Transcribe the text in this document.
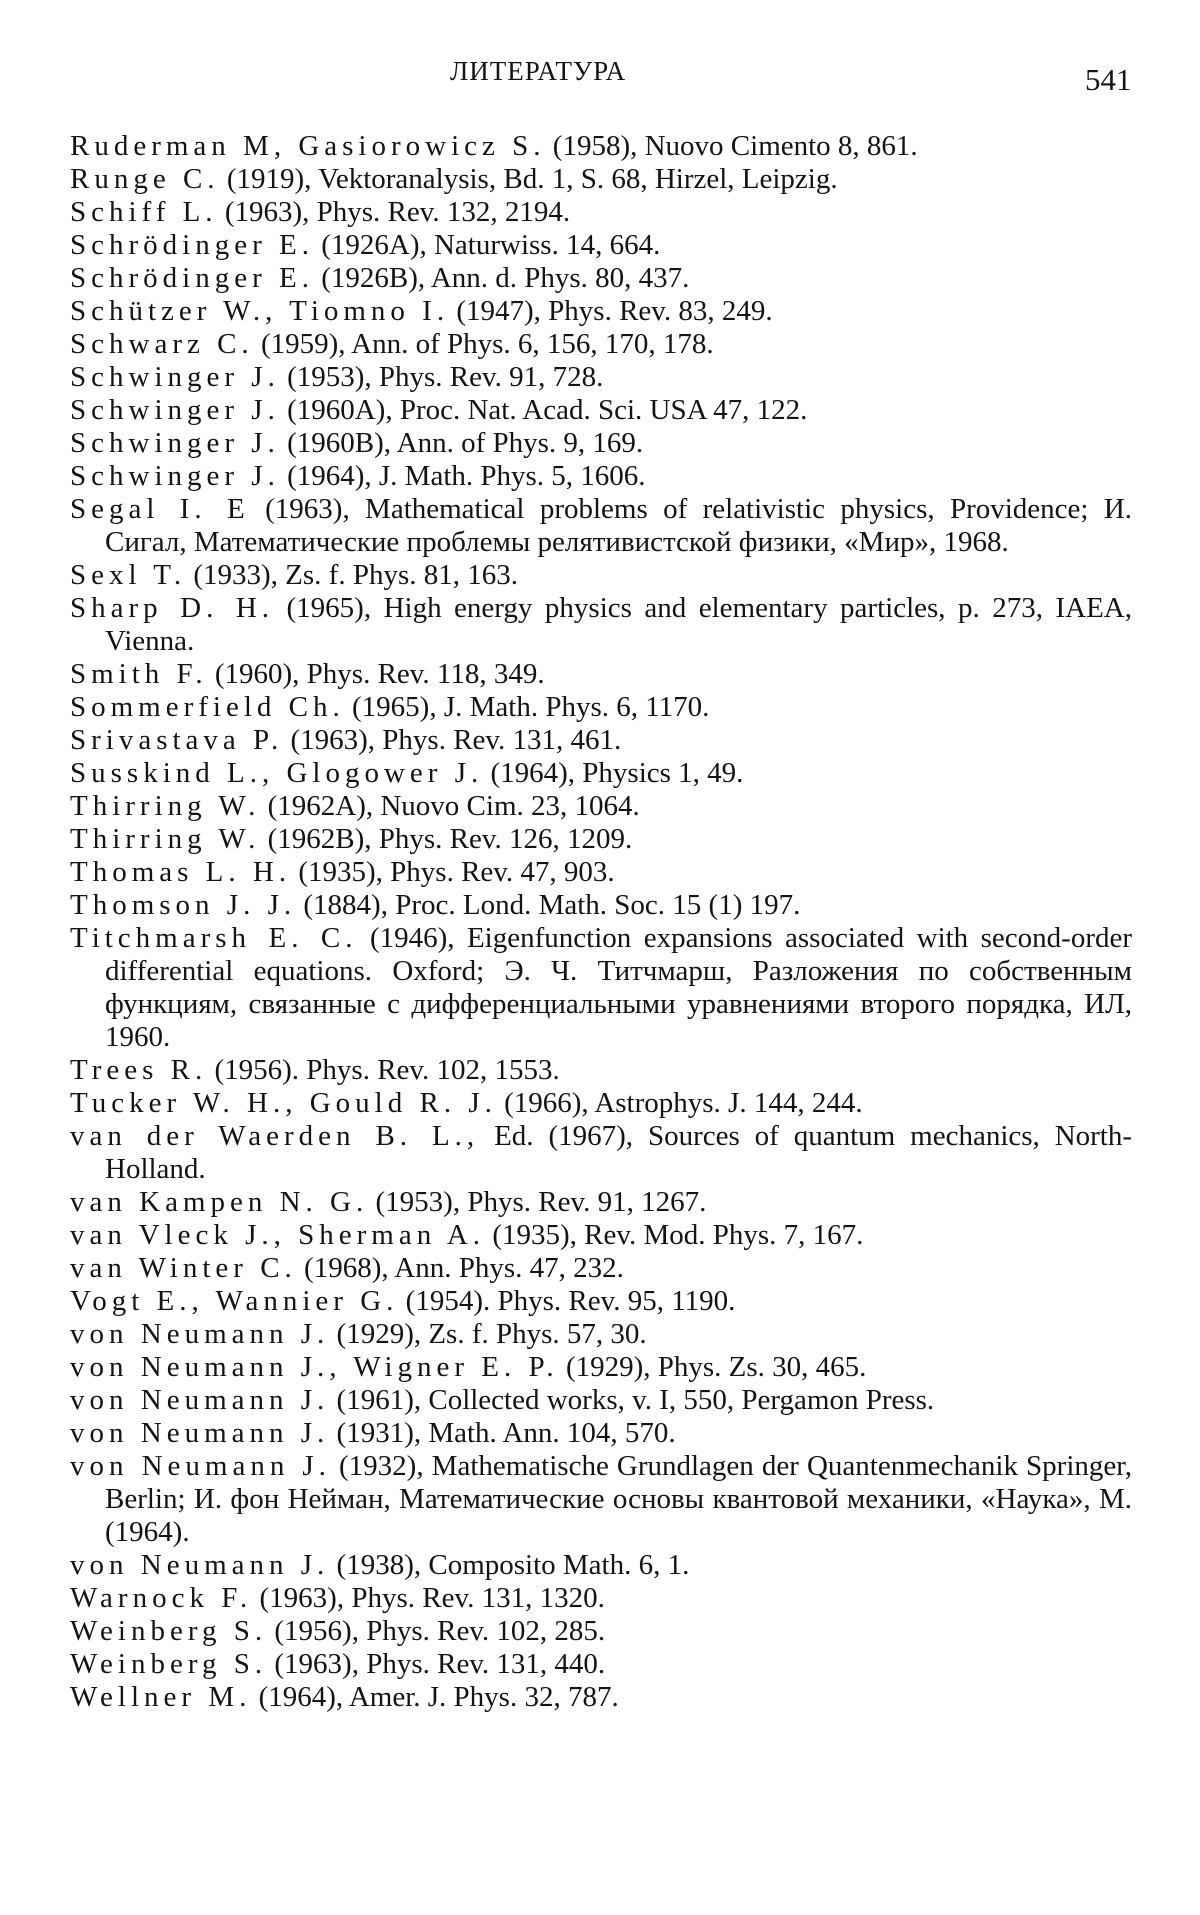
ЛИТЕРАТУРА	541
Ruderman M, Gasiorowicz S. (1958), Nuovo Cimento 8, 861.
Runge C. (1919), Vektoranalysis, Bd. 1, S. 68, Hirzel, Leipzig.
Schiff L. (1963), Phys. Rev. 132, 2194.
Schrödinger E. (1926A), Naturwiss. 14, 664.
Schrödinger E. (1926B), Ann. d. Phys. 80, 437.
Schützer W., Tiomno I. (1947), Phys. Rev. 83, 249.
Schwarz C. (1959), Ann. of Phys. 6, 156, 170, 178.
Schwinger J. (1953), Phys. Rev. 91, 728.
Schwinger J. (1960A), Proc. Nat. Acad. Sci. USA 47, 122.
Schwinger J. (1960B), Ann. of Phys. 9, 169.
Schwinger J. (1964), J. Math. Phys. 5, 1606.
Segal I. E (1963), Mathematical problems of relativistic physics, Providence; И. Сигал, Математические проблемы релятивистской физики, «Мир», 1968.
Sexl T. (1933), Zs. f. Phys. 81, 163.
Sharp D. H. (1965), High energy physics and elementary particles, p. 273, IAEA, Vienna.
Smith F. (1960), Phys. Rev. 118, 349.
Sommerfield Ch. (1965), J. Math. Phys. 6, 1170.
Srivastava P. (1963), Phys. Rev. 131, 461.
Susskind L., Glogower J. (1964), Physics 1, 49.
Thirring W. (1962A), Nuovo Cim. 23, 1064.
Thirring W. (1962B), Phys. Rev. 126, 1209.
Thomas L. H. (1935), Phys. Rev. 47, 903.
Thomson J. J. (1884), Proc. Lond. Math. Soc. 15 (1) 197.
Titchmarsh E. C. (1946), Eigenfunction expansions associated with second-order differential equations. Oxford; Э. Ч. Титчмарш, Разложения по собственным функциям, связанные с дифференциальными уравнениями второго порядка, ИЛ, 1960.
Trees R. (1956). Phys. Rev. 102, 1553.
Tucker W. H., Gould R. J. (1966), Astrophys. J. 144, 244.
van der Waerden B. L., Ed. (1967), Sources of quantum mechanics, North-Holland.
van Kampen N. G. (1953), Phys. Rev. 91, 1267.
van Vleck J., Sherman A. (1935), Rev. Mod. Phys. 7, 167.
van Winter C. (1968), Ann. Phys. 47, 232.
Vogt E., Wannier G. (1954). Phys. Rev. 95, 1190.
von Neumann J. (1929), Zs. f. Phys. 57, 30.
von Neumann J., Wigner E. P. (1929), Phys. Zs. 30, 465.
von Neumann J. (1961), Collected works, v. I, 550, Pergamon Press.
von Neumann J. (1931), Math. Ann. 104, 570.
von Neumann J. (1932), Mathematische Grundlagen der Quantenmechanik Springer, Berlin; И. фон Нейман, Математические основы квантовой механики, «Наука», М. (1964).
von Neumann J. (1938), Composito Math. 6, 1.
Warnock F. (1963), Phys. Rev. 131, 1320.
Weinberg S. (1956), Phys. Rev. 102, 285.
Weinberg S. (1963), Phys. Rev. 131, 440.
Wellner M. (1964), Amer. J. Phys. 32, 787.
